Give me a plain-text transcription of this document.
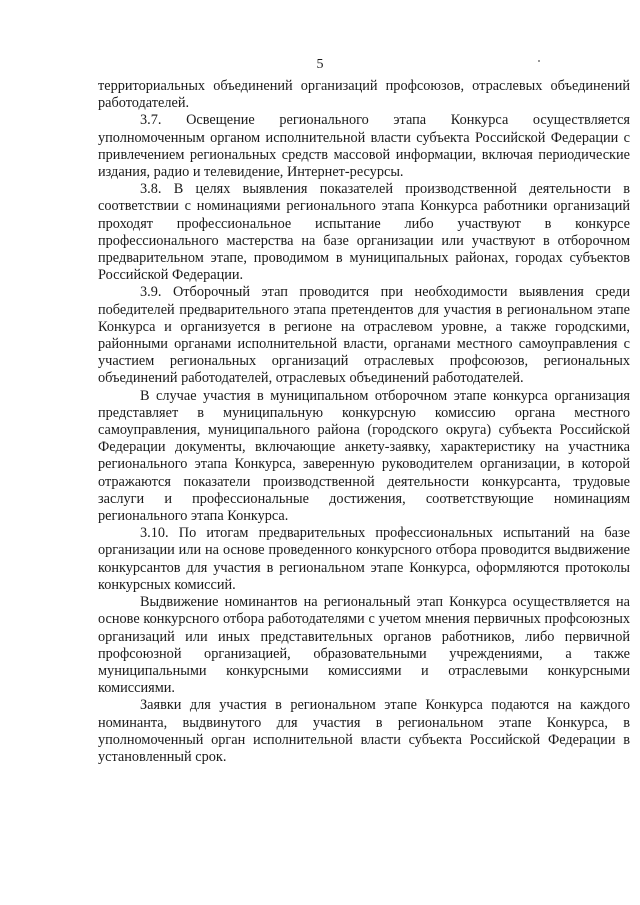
5

территориальных объединений организаций профсоюзов, отраслевых объединений работодателей.

3.7. Освещение регионального этапа Конкурса осуществляется уполномоченным органом исполнительной власти субъекта Российской Федерации с привлечением региональных средств массовой информации, включая периодические издания, радио и телевидение, Интернет-ресурсы.

3.8. В целях выявления показателей производственной деятельности в соответствии с номинациями регионального этапа Конкурса работники организаций проходят профессиональное испытание либо участвуют в конкурсе профессионального мастерства на базе организации или участвуют в отборочном предварительном этапе, проводимом в муниципальных районах, городах субъектов Российской Федерации.

3.9. Отборочный этап проводится при необходимости выявления среди победителей предварительного этапа претендентов для участия в региональном этапе Конкурса и организуется в регионе на отраслевом уровне, а также городскими, районными органами исполнительной власти, органами местного самоуправления с участием региональных организаций отраслевых профсоюзов, региональных объединений работодателей, отраслевых объединений работодателей.

В случае участия в муниципальном отборочном этапе конкурса организация представляет в муниципальную конкурсную комиссию органа местного самоуправления, муниципального района (городского округа) субъекта Российской Федерации документы, включающие анкету-заявку, характеристику на участника регионального этапа Конкурса, заверенную руководителем организации, в которой отражаются показатели производственной деятельности конкурсанта, трудовые заслуги и профессиональные достижения, соответствующие номинациям регионального этапа Конкурса.

3.10. По итогам предварительных профессиональных испытаний на базе организации или на основе проведенного конкурсного отбора проводится выдвижение конкурсантов для участия в региональном этапе Конкурса, оформляются протоколы конкурсных комиссий.

Выдвижение номинантов на региональный этап Конкурса осуществляется на основе конкурсного отбора работодателями с учетом мнения первичных профсоюзных организаций или иных представительных органов работников, либо первичной профсоюзной организацией, образовательными учреждениями, а также муниципальными конкурсными комиссиями и отраслевыми конкурсными комиссиями.

Заявки для участия в региональном этапе Конкурса подаются на каждого номинанта, выдвинутого для участия в региональном этапе Конкурса, в уполномоченный орган исполнительной власти субъекта Российской Федерации в установленный срок.
